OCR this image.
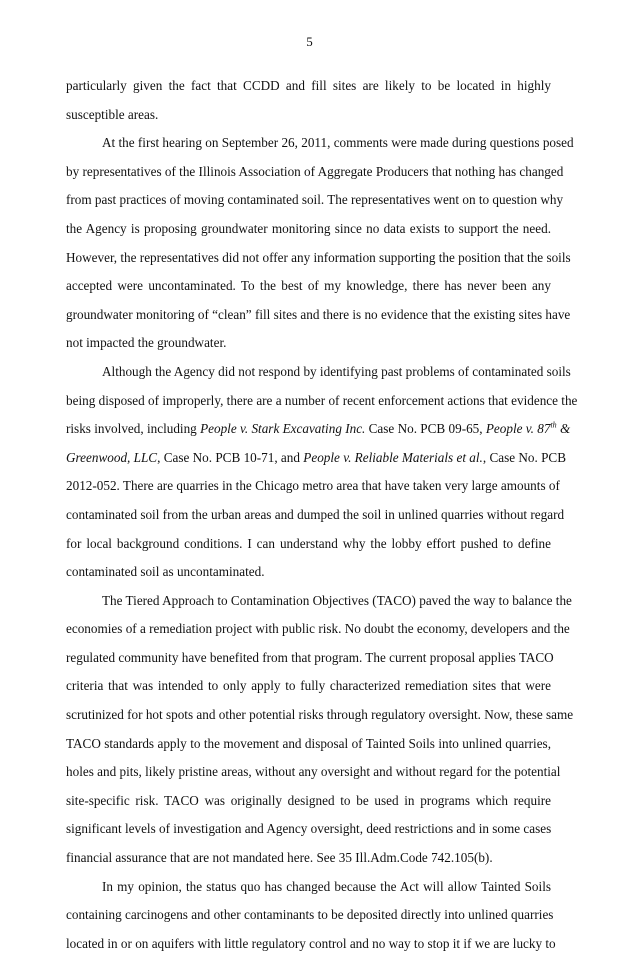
5
particularly given the fact that CCDD and fill sites are likely to be located in highly
susceptible areas.
At the first hearing on September 26, 2011, comments were made during questions posed
by representatives of the Illinois Association of Aggregate Producers that nothing has changed
from past practices of moving contaminated soil. The representatives went on to question why
the Agency is proposing groundwater monitoring since no data exists to support the need.
However, the representatives did not offer any information supporting the position that the soils
accepted were uncontaminated. To the best of my knowledge, there has never been any
groundwater monitoring of “clean” fill sites and there is no evidence that the existing sites have
not impacted the groundwater.
Although the Agency did not respond by identifying past problems of contaminated soils
being disposed of improperly, there are a number of recent enforcement actions that evidence the
risks involved, including People v. Stark Excavating Inc. Case No. PCB 09-65, People v. 87th &
Greenwood, LLC, Case No. PCB 10-71, and People v. Reliable Materials et al., Case No. PCB
2012-052. There are quarries in the Chicago metro area that have taken very large amounts of
contaminated soil from the urban areas and dumped the soil in unlined quarries without regard
for local background conditions. I can understand why the lobby effort pushed to define
contaminated soil as uncontaminated.
The Tiered Approach to Contamination Objectives (TACO) paved the way to balance the
economies of a remediation project with public risk. No doubt the economy, developers and the
regulated community have benefited from that program. The current proposal applies TACO
criteria that was intended to only apply to fully characterized remediation sites that were
scrutinized for hot spots and other potential risks through regulatory oversight. Now, these same
TACO standards apply to the movement and disposal of Tainted Soils into unlined quarries,
holes and pits, likely pristine areas, without any oversight and without regard for the potential
site-specific risk. TACO was originally designed to be used in programs which require
significant levels of investigation and Agency oversight, deed restrictions and in some cases
financial assurance that are not mandated here. See 35 Ill.Adm.Code 742.105(b).
In my opinion, the status quo has changed because the Act will allow Tainted Soils
containing carcinogens and other contaminants to be deposited directly into unlined quarries
located in or on aquifers with little regulatory control and no way to stop it if we are lucky to
